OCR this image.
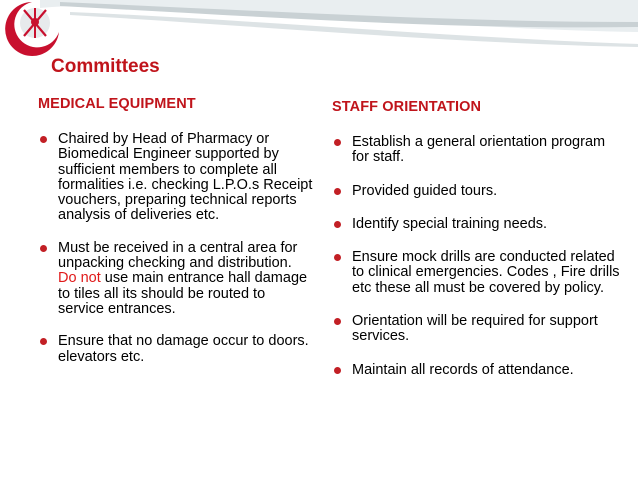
Committees
MEDICAL EQUIPMENT
Chaired by Head of Pharmacy or Biomedical Engineer supported by sufficient members to complete all formalities i.e. checking L.P.O.s Receipt vouchers, preparing technical reports analysis of deliveries etc.
Must be received in a central area for unpacking checking and distribution. Do not use main entrance hall damage to tiles all its should be routed to service entrances.
Ensure that no damage occur to doors. elevators etc.
STAFF ORIENTATION
Establish a general orientation program for staff.
Provided guided tours.
Identify special training needs.
Ensure mock drills are conducted related to clinical emergencies. Codes , Fire drills etc these all must be covered by policy.
Orientation will be required for support services.
Maintain all records of attendance.
